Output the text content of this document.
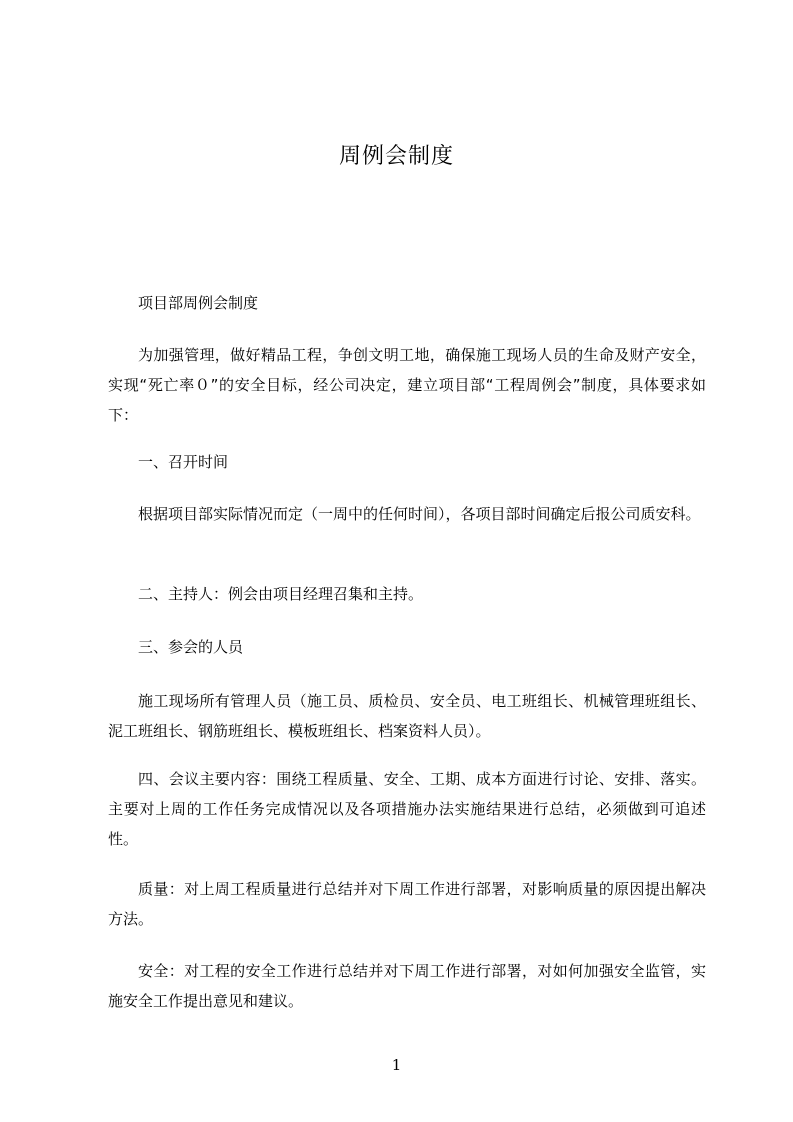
周例会制度

项目部周例会制度

为加强管理，做好精品工程，争创文明工地，确保施工现场人员的生命及财产安全，实现“死亡率０”的安全目标，经公司决定，建立项目部“工程周例会”制度，具体要求如下：

一、召开时间

根据项目部实际情况而定（一周中的任何时间），各项目部时间确定后报公司质安科。

二、主持人：例会由项目经理召集和主持。

三、参会的人员

施工现场所有管理人员（施工员、质检员、安全员、电工班组长、机械管理班组长、泥工班组长、钢筋班组长、模板班组长、档案资料人员）。

四、会议主要内容：围绕工程质量、安全、工期、成本方面进行讨论、安排、落实。主要对上周的工作任务完成情况以及各项措施办法实施结果进行总结，必须做到可追述性。

质量：对上周工程质量进行总结并对下周工作进行部署，对影响质量的原因提出解决方法。

安全：对工程的安全工作进行总结并对下周工作进行部署，对如何加强安全监管，实施安全工作提出意见和建议。

1
